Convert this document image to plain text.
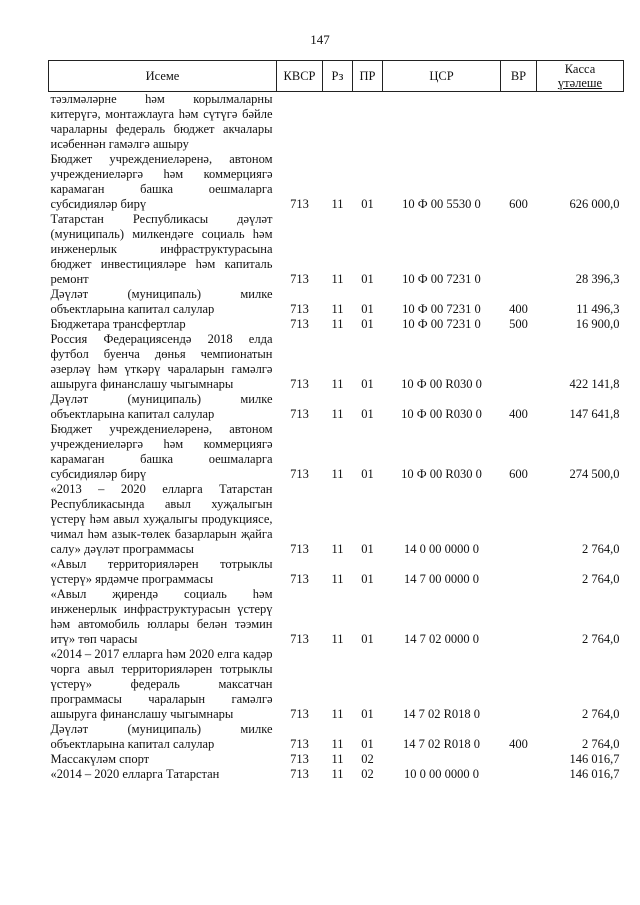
147
Исеме	КВСР	Рз	ПР	ЦСР	ВР	Касса
үтәлеше
тәэлмәләрне һәм корылмаларны китерүгә, монтажлауга һәм сүтүгә бәйле чараларны федераль бюджет акчалары исәбеннән гамәлгә ашыру						
Бюджет учреждениеләренә, автоном учреждениеләргә һәм коммерциягә карамаган башка оешмаларга субсидияләр бирү	713	11	01	10 Ф 00 5530 0	600	626 000,0
Татарстан Республикасы дәүләт (муниципаль) милкендәге социаль һәм инженерлык инфраструктурасына бюджет инвестицияләре һәм капиталь ремонт	713	11	01	10 Ф 00 7231 0		28 396,3
Дәүләт (муниципаль) милке объектларына капитал салулар	713	11	01	10 Ф 00 7231 0	400	11 496,3
Бюджетара трансфертлар	713	11	01	10 Ф 00 7231 0	500	16 900,0
Россия Федерациясендә 2018 елда футбол буенча дөнья чемпионатын әзерләү һәм үткәрү чараларын гамәлгә ашыруга финанслашу чыгымнары	713	11	01	10 Ф 00 R030 0		422 141,8
Дәүләт (муниципаль) милке объектларына капитал салулар	713	11	01	10 Ф 00 R030 0	400	147 641,8
Бюджет учреждениеләренә, автоном учреждениеләргә һәм коммерциягә карамаган башка оешмаларга субсидияләр бирү	713	11	01	10 Ф 00 R030 0	600	274 500,0
«2013 – 2020 елларга Татарстан Республикасында авыл хуҗалыгын үстерү һәм авыл хуҗалыгы продукциясе, чимал һәм азык-төлек базарларын җайга салу» дәүләт программасы	713	11	01	14 0 00 0000 0		2 764,0
«Авыл территорияләрен тотрыклы үстерү» ярдәмче программасы	713	11	01	14 7 00 0000 0		2 764,0
«Авыл җирендә социаль һәм инженерлык инфраструктурасын үстерү һәм автомобиль юллары белән тәэмин итү» төп чарасы	713	11	01	14 7 02 0000 0		2 764,0
«2014 – 2017 елларга һәм 2020 елга кадәр чорга авыл территорияләрен тотрыклы үстерү» федераль максатчан программасы чараларын гамәлгә ашыруга финанслашу чыгымнары	713	11	01	14 7 02 R018 0		2 764,0
Дәүләт (муниципаль) милке объектларына капитал салулар	713	11	01	14 7 02 R018 0	400	2 764,0
Массакүләм спорт	713	11	02			146 016,7
«2014 – 2020 елларга Татарстан	713	11	02	10 0 00 0000 0		146 016,7
